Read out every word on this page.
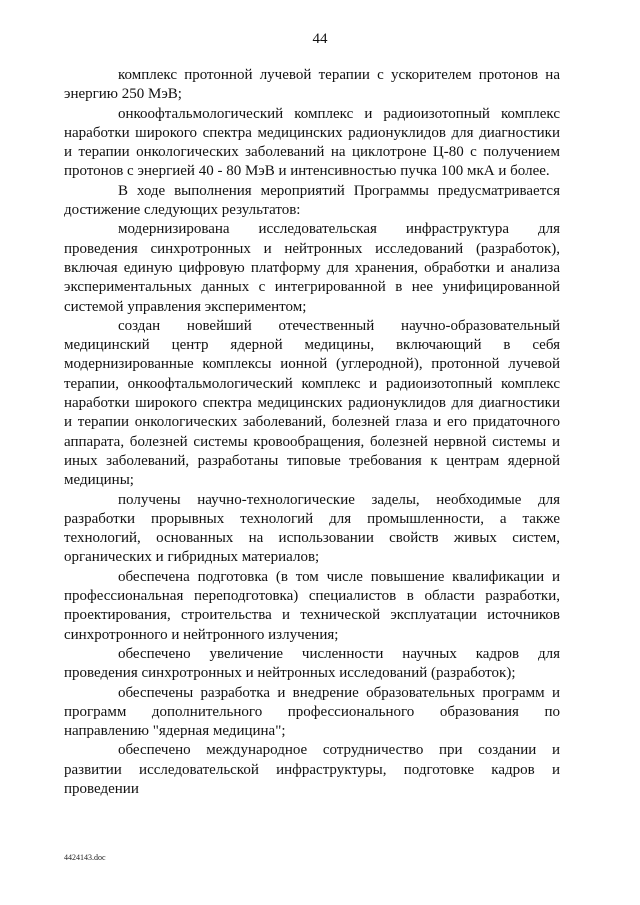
44

комплекс протонной лучевой терапии с ускорителем протонов на энергию 250 МэВ;

онкоофтальмологический комплекс и радиоизотопный комплекс наработки широкого спектра медицинских радионуклидов для диагностики и терапии онкологических заболеваний на циклотроне Ц-80 с получением протонов с энергией 40 - 80 МэВ и интенсивностью пучка 100 мкА и более.

В ходе выполнения мероприятий Программы предусматривается достижение следующих результатов:

модернизирована исследовательская инфраструктура для проведения синхротронных и нейтронных исследований (разработок), включая единую цифровую платформу для хранения, обработки и анализа экспериментальных данных с интегрированной в нее унифицированной системой управления экспериментом;

создан новейший отечественный научно-образовательный медицинский центр ядерной медицины, включающий в себя модернизированные комплексы ионной (углеродной), протонной лучевой терапии, онкоофтальмологический комплекс и радиоизотопный комплекс наработки широкого спектра медицинских радионуклидов для диагностики и терапии онкологических заболеваний, болезней глаза и его придаточного аппарата, болезней системы кровообращения, болезней нервной системы и иных заболеваний, разработаны типовые требования к центрам ядерной медицины;

получены научно-технологические заделы, необходимые для разработки прорывных технологий для промышленности, а также технологий, основанных на использовании свойств живых систем, органических и гибридных материалов;

обеспечена подготовка (в том числе повышение квалификации и профессиональная переподготовка) специалистов в области разработки, проектирования, строительства и технической эксплуатации источников синхротронного и нейтронного излучения;

обеспечено увеличение численности научных кадров для проведения синхротронных и нейтронных исследований (разработок);

обеспечены разработка и внедрение образовательных программ и программ дополнительного профессионального образования по направлению "ядерная медицина";

обеспечено международное сотрудничество при создании и развитии исследовательской инфраструктуры, подготовке кадров и проведении

4424143.doc
